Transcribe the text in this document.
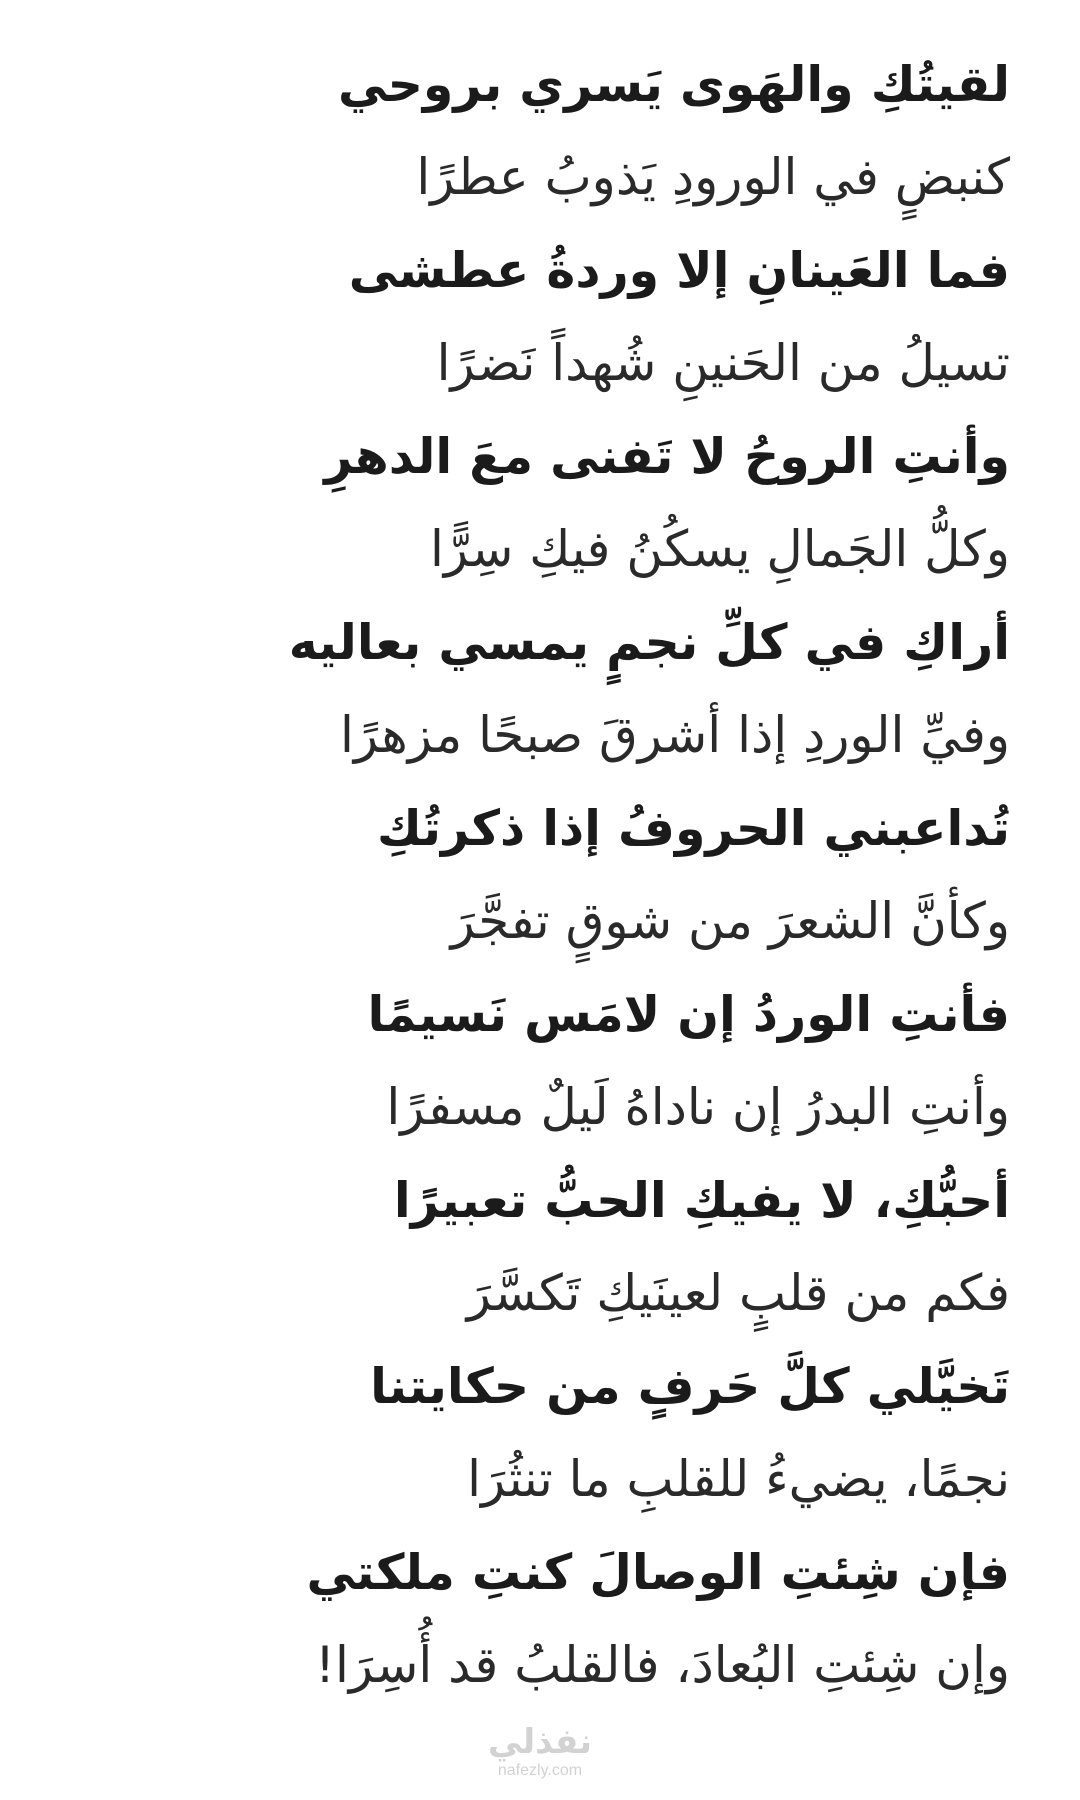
لقيتُكِ والهَوى يَسري بروحي
كنبضٍ في الورودِ يَذوبُ عطرًا
فما العَينانِ إلا وردةُ عطشى
تسيلُ من الحَنينِ شُهداً نَضرًا
وأنتِ الروحُ لا تَفنى معَ الدهرِ
وكلُّ الجَمالِ يسكُنُ فيكِ سِرًّا
أراكِ في كلِّ نجمٍ يمسي بعاليه
وفيِّ الوردِ إذا أشرقَ صبحًا مزهرًا
تُداعبني الحروفُ إذا ذكرتُكِ
وكأنَّ الشعرَ من شوقٍ تفجَّرَ
فأنتِ الوردُ إن لامَس نَسيمًا
وأنتِ البدرُ إن ناداهُ لَيلٌ مسفرًا
أحبُّكِ، لا يفيكِ الحبُّ تعبيرًا
فكم من قلبٍ لعينَيكِ تَكسَّرَ
تَخيَّلي كلَّ حَرفٍ من حكايتنا
نجمًا، يضيءُ للقلبِ ما تنثُرَا
فإن شِئتِ الوصالَ كنتِ ملكتي
وإن شِئتِ البُعادَ، فالقلبُ قد أُسِرَا!
نفذلي
nafezly.com
